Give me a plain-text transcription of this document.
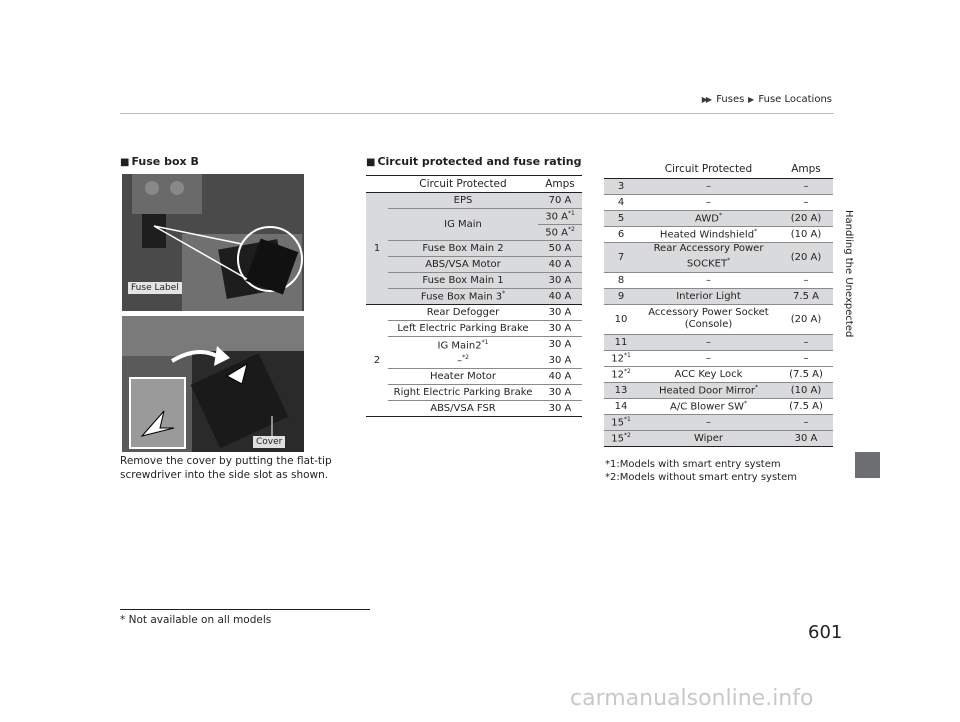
▶▶ Fuses  ▶ Fuse Locations
Handling the Unexpected
■ Fuse box B
Fuse Label
Cover
Remove the cover by putting the flat-tip screwdriver into the side slot as shown.
■ Circuit protected and fuse rating
	Circuit Protected	Amps
1	EPS	70 A
	IG Main	30 $A^{*1}$
		50 $A^{*2}$
	Fuse Box Main 2	50 A
	ABS/VSA Motor	40 A
	Fuse Box Main 1	30 A
	Fuse Box Main 3*	40 A
2	Rear Defogger	30 A
	Left Electric Parking Brake	30 A
	IG Main2$^{*1}$	30 A
	–$^{*2}$	30 A
	Heater Motor	40 A
	Right Electric Parking Brake	30 A
	ABS/VSA FSR	30 A
	Circuit Protected	Amps
3	–	–
4	–	–
5	AWD*	(20 A)
6	Heated Windshield*	(10 A)
7	Rear Accessory Power
SOCKET*	(20 A)
8	–	–
9	Interior Light	7.5 A
10	Accessory Power Socket
(Console)	(20 A)
11	–	–
12$^{*1}$	–	–
12$^{*2}$	ACC Key Lock	(7.5 A)
13	Heated Door Mirror*	(10 A)
14	A/C Blower SW*	(7.5 A)
15$^{*1}$	–	–
15$^{*2}$	Wiper	30 A
*1:Models with smart entry system
*2:Models without smart entry system
* Not available on all models
601
carmanualsonline.info
